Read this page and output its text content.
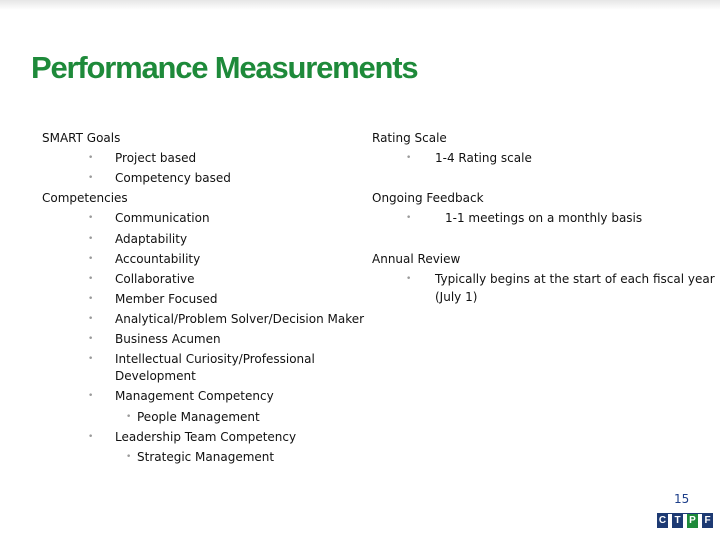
Performance Measurements
SMART Goals
• Project based
• Competency based
Competencies
• Communication
• Adaptability
• Accountability
• Collaborative
• Member Focused
• Analytical/Problem Solver/Decision Maker
• Business Acumen
• Intellectual Curiosity/Professional
Development
• Management Competency
• People Management
• Leadership Team Competency
• Strategic Management
Rating Scale
• 1-4 Rating scale
Ongoing Feedback
•	1-1 meetings on a monthly basis
Annual Review
• Typically begins at the start of each fiscal year
(July 1)
15
C T P F
